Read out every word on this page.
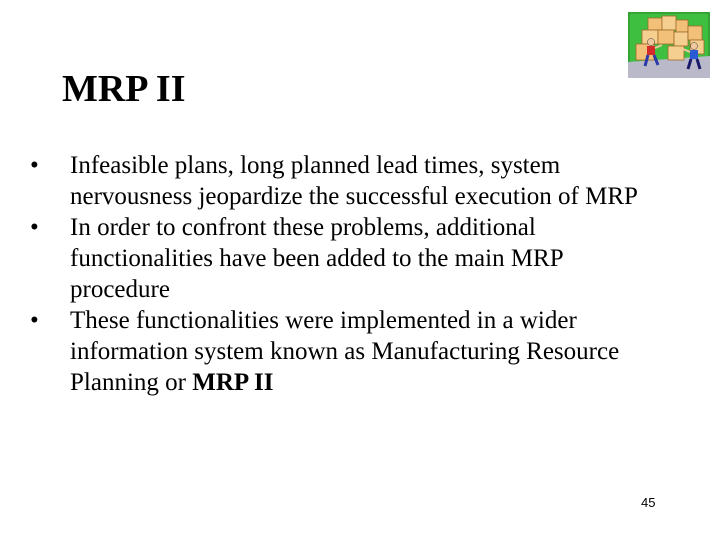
MRP II
• Infeasible plans, long planned lead times, system nervousness jeopardize the successful execution of MRP
• In order to confront these problems, additional functionalities have been added to the main MRP procedure
• These functionalities were implemented in a wider information system known as Manufacturing Resource Planning or MRP II
45
